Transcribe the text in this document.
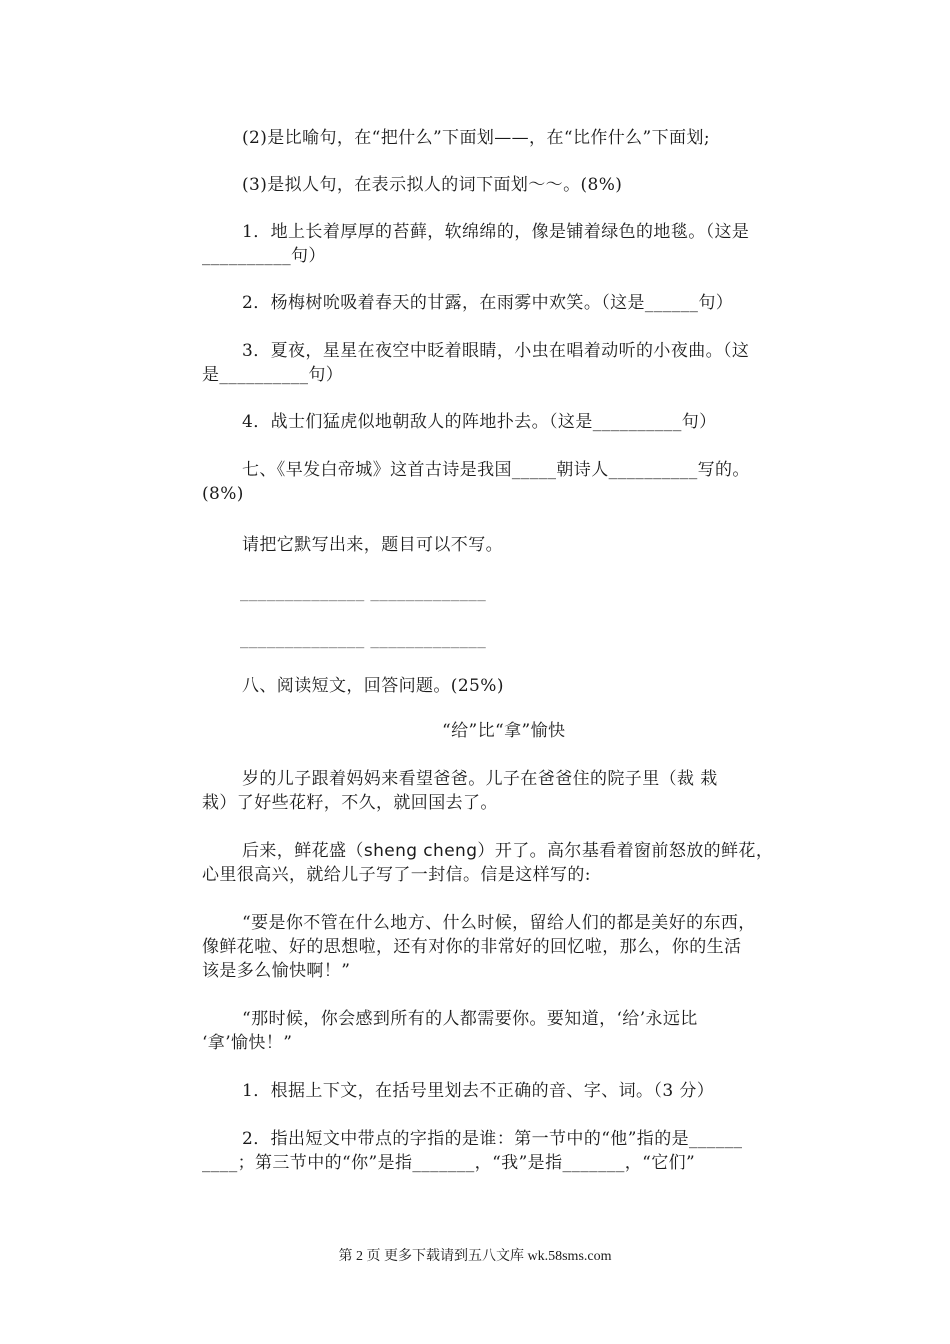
(2)是比喻句，在“把什么”下面划——，在“比作什么”下面划;
(3)是拟人句，在表示拟人的词下面划～～。(8%)
1．地上长着厚厚的苔藓，软绵绵的，像是铺着绿色的地毯。（这是
__________句）
2．杨梅树吮吸着春天的甘露，在雨雾中欢笑。（这是______句）
3．夏夜，星星在夜空中眨着眼睛，小虫在唱着动听的小夜曲。（这
是__________句）
4．战士们猛虎似地朝敌人的阵地扑去。（这是__________句）
七、《早发白帝城》这首古诗是我国_____朝诗人__________写的。
(8%)
请把它默写出来，题目可以不写。
______________ _____________
______________ _____________
八、阅读短文，回答问题。(25%)
“给”比“拿”愉快
岁的儿子跟着妈妈来看望爸爸。儿子在爸爸住的院子里（裁 栽
栽）了好些花籽，不久，就回国去了。
后来，鲜花盛（sheng cheng）开了。高尔基看着窗前怒放的鲜花，
心里很高兴，就给儿子写了一封信。信是这样写的:
“要是你不管在什么地方、什么时候，留给人们的都是美好的东西，
像鲜花啦、好的思想啦，还有对你的非常好的回忆啦，那么，你的生活
该是多么愉快啊！”
“那时候，你会感到所有的人都需要你。要知道，‘给’永远比
‘拿’愉快！”
1．根据上下文，在括号里划去不正确的音、字、词。（3 分）
2．指出短文中带点的字指的是谁：第一节中的“他”指的是______
____；第三节中的“你”是指_______，“我”是指_______，“它们”
第 2 页 更多下载请到五八文库 wk.58sms.com
